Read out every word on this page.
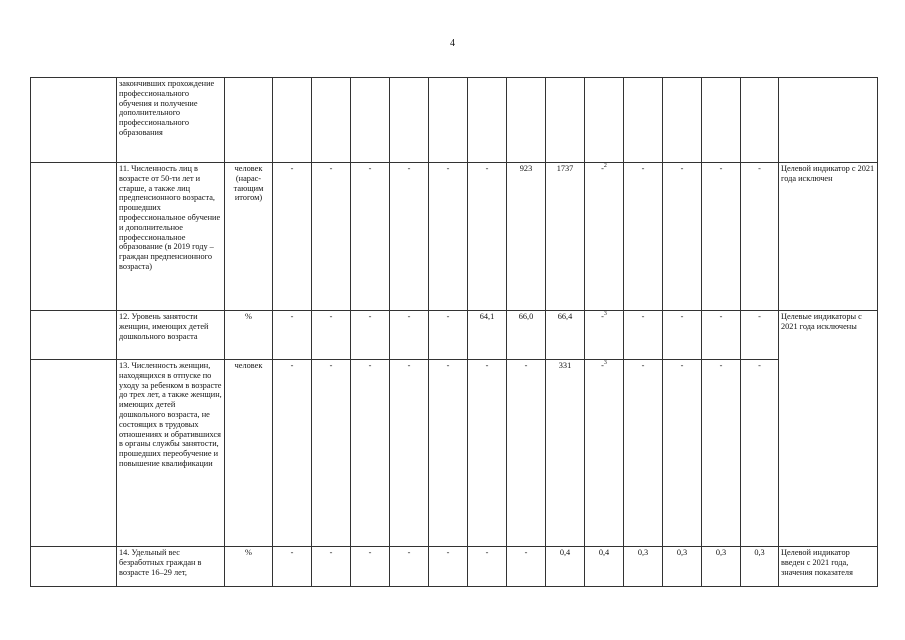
4
	закончивших прохождение профессионального обучения и получение дополнительного профессионального образования															
	11. Численность лиц в возрасте от 50-ти лет и старше, а также лиц предпенсионного возраста, прошедших профессиональное обучение и дополнительное профессиональное образование (в 2019 году – граждан предпенсионного возраста)	человек (нарас-тающим итогом)	-	-	-	-	-	-	923	1737	-$^2$	-	-	-	-	Целевой индикатор с 2021 года исключен
	12. Уровень занятости женщин, имеющих детей дошкольного возраста	%	-	-	-	-	-	64,1	66,0	66,4	-$^3$	-	-	-	-	Целевые индикаторы с 2021 года исключены
	13. Численность женщин, находящихся в отпуске по уходу за ребенком в возрасте до трех лет, а также женщин, имеющих детей дошкольного возраста, не состоящих в трудовых отношениях и обратившихся в органы службы занятости, прошедших переобучение и повышение квалификации	человек	-	-	-	-	-	-	-	331	-$^3$	-	-	-	-	
	14. Удельный вес безработных граждан в возрасте 16–29 лет,	%	-	-	-	-	-	-	-	0,4	0,4	0,3	0,3	0,3	0,3	Целевой индикатор введен с 2021 года, значения показателя
